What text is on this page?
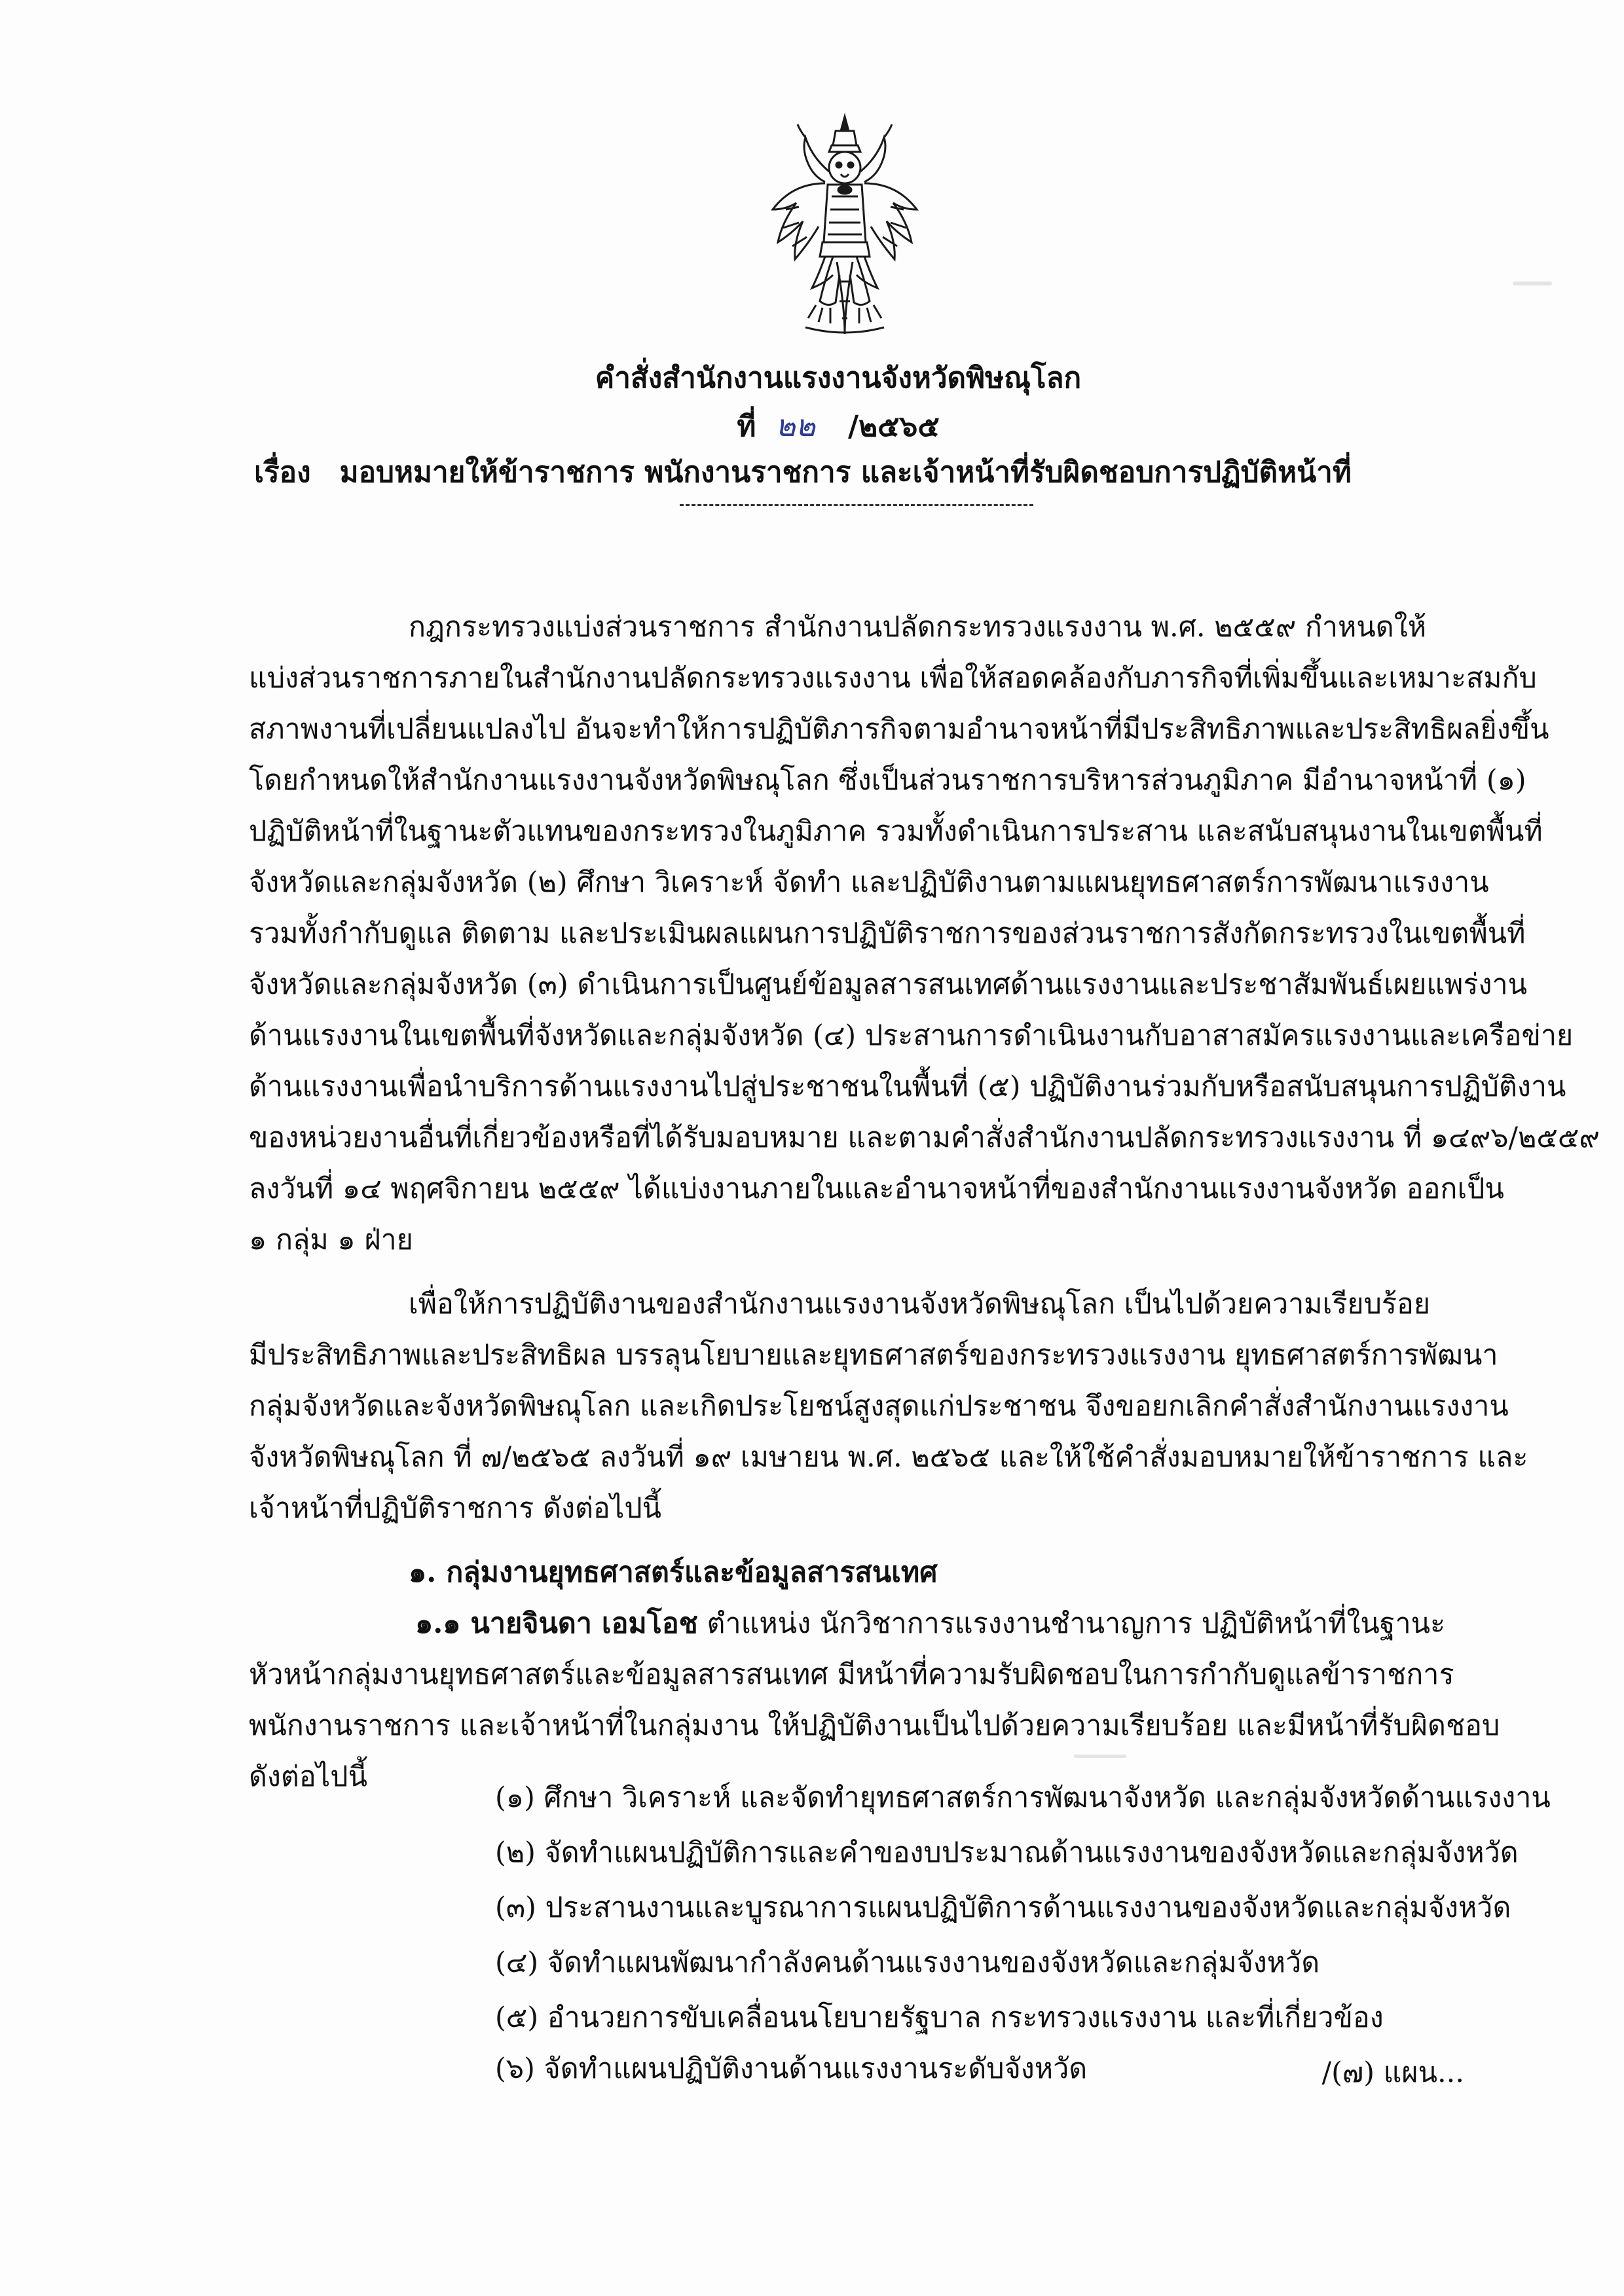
คำสั่งสำนักงานแรงงานจังหวัดพิษณุโลก
ที่ ๒๒ /๒๕๖๕
เรื่อง มอบหมายให้ข้าราชการ พนักงานราชการ และเจ้าหน้าที่รับผิดชอบการปฏิบัติหน้าที่
กฎกระทรวงแบ่งส่วนราชการ สำนักงานปลัดกระทรวงแรงงาน พ.ศ. ๒๕๕๙ กำหนดให้
แบ่งส่วนราชการภายในสำนักงานปลัดกระทรวงแรงงาน เพื่อให้สอดคล้องกับภารกิจที่เพิ่มขึ้นและเหมาะสมกับ
สภาพงานที่เปลี่ยนแปลงไป อันจะทำให้การปฏิบัติภารกิจตามอำนาจหน้าที่มีประสิทธิภาพและประสิทธิผลยิ่งขึ้น
โดยกำหนดให้สำนักงานแรงงานจังหวัดพิษณุโลก ซึ่งเป็นส่วนราชการบริหารส่วนภูมิภาค มีอำนาจหน้าที่ (๑)
ปฏิบัติหน้าที่ในฐานะตัวแทนของกระทรวงในภูมิภาค รวมทั้งดำเนินการประสาน และสนับสนุนงานในเขตพื้นที่
จังหวัดและกลุ่มจังหวัด (๒) ศึกษา วิเคราะห์ จัดทำ และปฏิบัติงานตามแผนยุทธศาสตร์การพัฒนาแรงงาน
รวมทั้งกำกับดูแล ติดตาม และประเมินผลแผนการปฏิบัติราชการของส่วนราชการสังกัดกระทรวงในเขตพื้นที่
จังหวัดและกลุ่มจังหวัด (๓) ดำเนินการเป็นศูนย์ข้อมูลสารสนเทศด้านแรงงานและประชาสัมพันธ์เผยแพร่งาน
ด้านแรงงานในเขตพื้นที่จังหวัดและกลุ่มจังหวัด (๔) ประสานการดำเนินงานกับอาสาสมัครแรงงานและเครือข่าย
ด้านแรงงานเพื่อนำบริการด้านแรงงานไปสู่ประชาชนในพื้นที่ (๕) ปฏิบัติงานร่วมกับหรือสนับสนุนการปฏิบัติงาน
ของหน่วยงานอื่นที่เกี่ยวข้องหรือที่ได้รับมอบหมาย และตามคำสั่งสำนักงานปลัดกระทรวงแรงงาน ที่ ๑๔๙๖/๒๕๕๙
ลงวันที่ ๑๔ พฤศจิกายน ๒๕๕๙ ได้แบ่งงานภายในและอำนาจหน้าที่ของสำนักงานแรงงานจังหวัด ออกเป็น
๑ กลุ่ม ๑ ฝ่าย
เพื่อให้การปฏิบัติงานของสำนักงานแรงงานจังหวัดพิษณุโลก เป็นไปด้วยความเรียบร้อย
มีประสิทธิภาพและประสิทธิผล บรรลุนโยบายและยุทธศาสตร์ของกระทรวงแรงงาน ยุทธศาสตร์การพัฒนา
กลุ่มจังหวัดและจังหวัดพิษณุโลก และเกิดประโยชน์สูงสุดแก่ประชาชน จึงขอยกเลิกคำสั่งสำนักงานแรงงาน
จังหวัดพิษณุโลก ที่ ๗/๒๕๖๕ ลงวันที่ ๑๙ เมษายน พ.ศ. ๒๕๖๕ และให้ใช้คำสั่งมอบหมายให้ข้าราชการ และ
เจ้าหน้าที่ปฏิบัติราชการ ดังต่อไปนี้
๑. กลุ่มงานยุทธศาสตร์และข้อมูลสารสนเทศ
๑.๑ นายจินดา เอมโอช ตำแหน่ง นักวิชาการแรงงานชำนาญการ ปฏิบัติหน้าที่ในฐานะ
หัวหน้ากลุ่มงานยุทธศาสตร์และข้อมูลสารสนเทศ มีหน้าที่ความรับผิดชอบในการกำกับดูแลข้าราชการ
พนักงานราชการ และเจ้าหน้าที่ในกลุ่มงาน ให้ปฏิบัติงานเป็นไปด้วยความเรียบร้อย และมีหน้าที่รับผิดชอบ
ดังต่อไปนี้
(๑) ศึกษา วิเคราะห์ และจัดทำยุทธศาสตร์การพัฒนาจังหวัด และกลุ่มจังหวัดด้านแรงงาน
(๒) จัดทำแผนปฏิบัติการและคำของบประมาณด้านแรงงานของจังหวัดและกลุ่มจังหวัด
(๓) ประสานงานและบูรณาการแผนปฏิบัติการด้านแรงงานของจังหวัดและกลุ่มจังหวัด
(๔) จัดทำแผนพัฒนากำลังคนด้านแรงงานของจังหวัดและกลุ่มจังหวัด
(๕) อำนวยการขับเคลื่อนนโยบายรัฐบาล กระทรวงแรงงาน และที่เกี่ยวข้อง
(๖) จัดทำแผนปฏิบัติงานด้านแรงงานระดับจังหวัด	/(๗) แผน...
